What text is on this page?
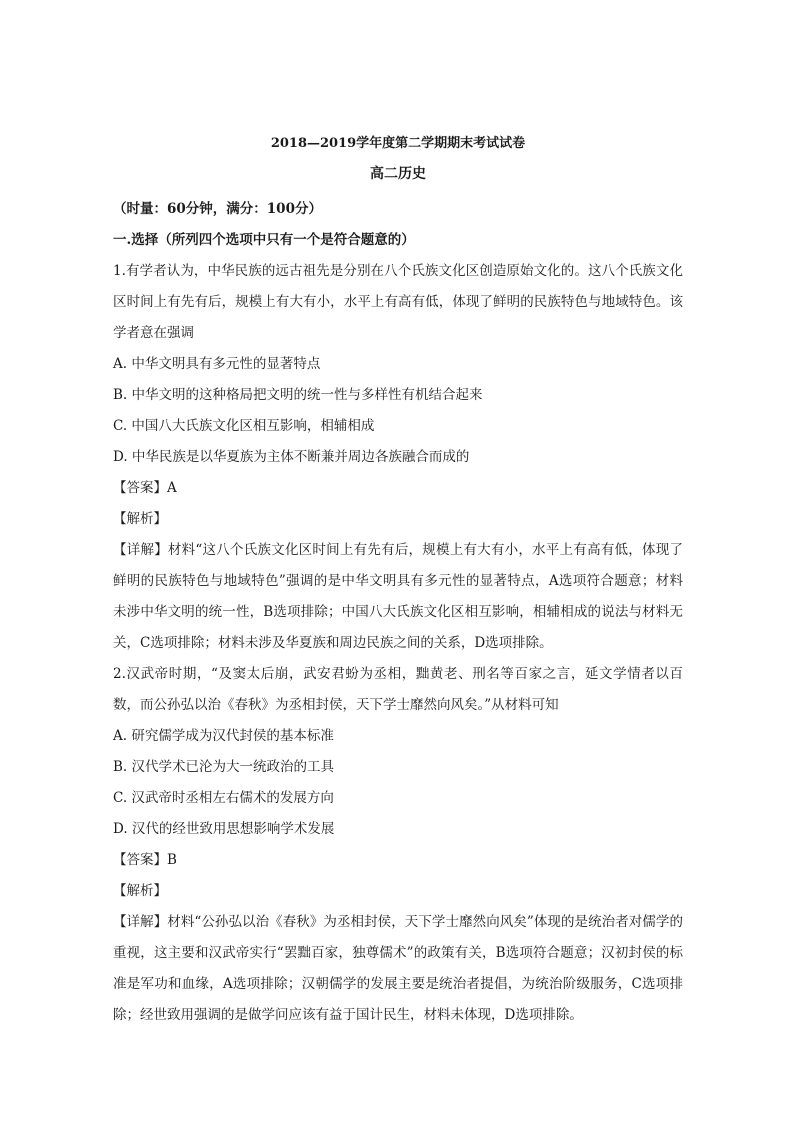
2018—2019学年度第二学期期末考试试卷

高二历史

（时量：60分钟，满分：100分）

一.选择（所列四个选项中只有一个是符合题意的）

1.有学者认为，中华民族的远古祖先是分别在八个氏族文化区创造原始文化的。这八个氏族文化区时间上有先有后，规模上有大有小，水平上有高有低，体现了鲜明的民族特色与地域特色。该学者意在强调

A. 中华文明具有多元性的显著特点

B. 中华文明的这种格局把文明的统一性与多样性有机结合起来

C. 中国八大氏族文化区相互影响，相辅相成

D. 中华民族是以华夏族为主体不断兼并周边各族融合而成的

【答案】A

【解析】

【详解】材料“这八个氏族文化区时间上有先有后，规模上有大有小，水平上有高有低，体现了鲜明的民族特色与地域特色”强调的是中华文明具有多元性的显著特点，A选项符合题意；材料未涉中华文明的统一性，B选项排除；中国八大氏族文化区相互影响，相辅相成的说法与材料无关，C选项排除；材料未涉及华夏族和周边民族之间的关系，D选项排除。

2.汉武帝时期，“及窦太后崩，武安君蚡为丞相，黜黄老、刑名等百家之言，延文学情者以百数，而公孙弘以治《春秋》为丞相封侯，天下学士靡然向风矣。”从材料可知

A. 研究儒学成为汉代封侯的基本标准

B. 汉代学术已沦为大一统政治的工具

C. 汉武帝时丞相左右儒术的发展方向

D. 汉代的经世致用思想影响学术发展

【答案】B

【解析】

【详解】材料“公孙弘以治《春秋》为丞相封侯，天下学士靡然向风矣”体现的是统治者对儒学的重视，这主要和汉武帝实行“罢黜百家，独尊儒术”的政策有关，B选项符合题意；汉初封侯的标准是军功和血缘，A选项排除；汉朝儒学的发展主要是统治者提倡，为统治阶级服务，C选项排除；经世致用强调的是做学问应该有益于国计民生，材料未体现，D选项排除。
